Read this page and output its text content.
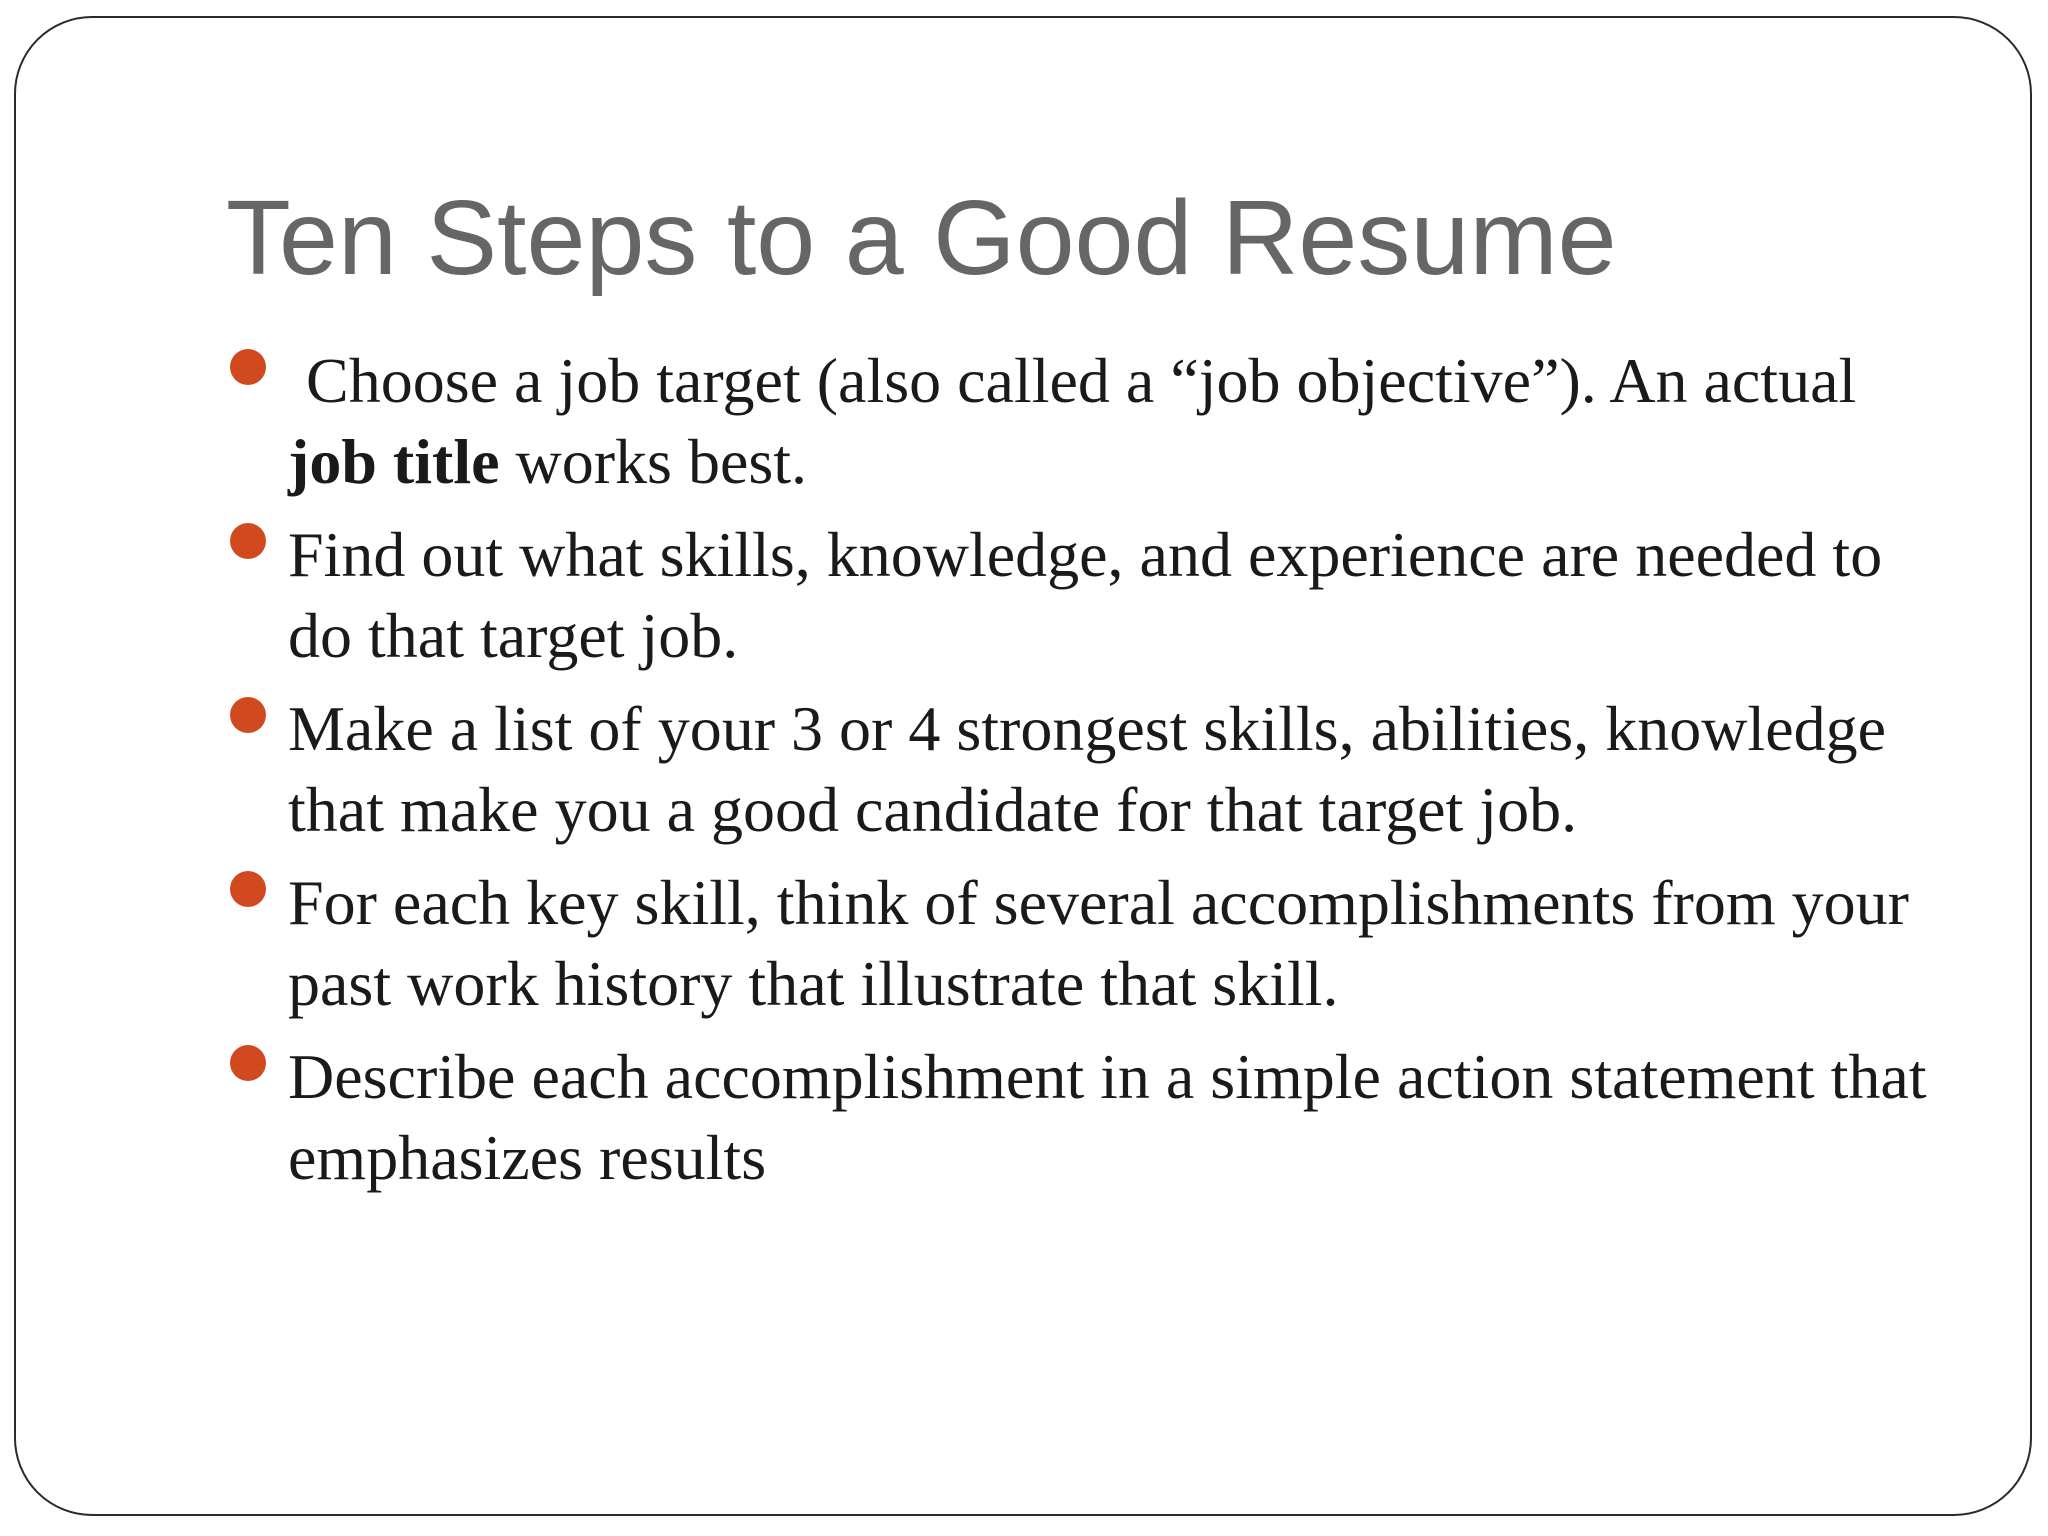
Ten Steps to a Good Resume
Choose a job target (also called a “job objective”). An actual job title works best.
Find out what skills, knowledge, and experience are needed to do that target job.
Make a list of your 3 or 4 strongest skills, abilities, knowledge that make you a good candidate for that target job.
For each key skill, think of several accomplishments from your past work history that illustrate that skill.
Describe each accomplishment in a simple action statement that emphasizes results
